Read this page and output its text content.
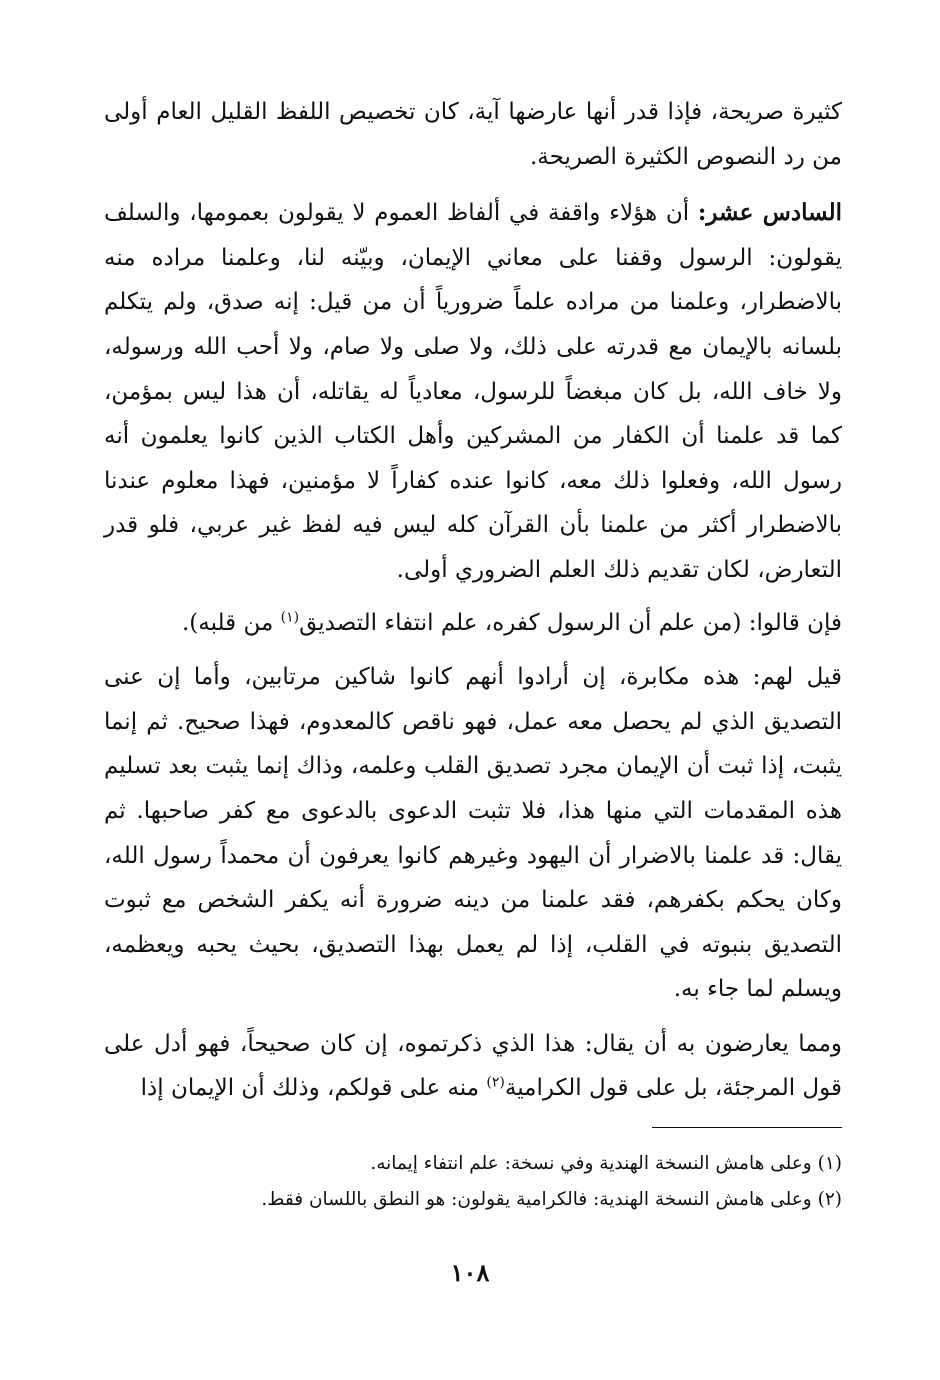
كثيرة صريحة، فإذا قدر أنها عارضها آية، كان تخصيص اللفظ القليل العام أولى من رد النصوص الكثيرة الصريحة.

السادس عشر: أن هؤلاء واقفة في ألفاظ العموم لا يقولون بعمومها، والسلف يقولون: الرسول وقفنا على معاني الإيمان، وبيّنه لنا، وعلمنا مراده منه بالاضطرار، وعلمنا من مراده علماً ضرورياً أن من قيل: إنه صدق، ولم يتكلم بلسانه بالإيمان مع قدرته على ذلك، ولا صلى ولا صام، ولا أحب الله ورسوله، ولا خاف الله، بل كان مبغضاً للرسول، معادياً له يقاتله، أن هذا ليس بمؤمن، كما قد علمنا أن الكفار من المشركين وأهل الكتاب الذين كانوا يعلمون أنه رسول الله، وفعلوا ذلك معه، كانوا عنده كفاراً لا مؤمنين، فهذا معلوم عندنا بالاضطرار أكثر من علمنا بأن القرآن كله ليس فيه لفظ غير عربي، فلو قدر التعارض، لكان تقديم ذلك العلم الضروري أولى.

فإن قالوا: (من علم أن الرسول كفره، علم انتفاء التصديق$^{(١)}$ من قلبه).

قيل لهم: هذه مكابرة، إن أرادوا أنهم كانوا شاكين مرتابين، وأما إن عنى التصديق الذي لم يحصل معه عمل، فهو ناقص كالمعدوم، فهذا صحيح. ثم إنما يثبت، إذا ثبت أن الإيمان مجرد تصديق القلب وعلمه، وذاك إنما يثبت بعد تسليم هذه المقدمات التي منها هذا، فلا تثبت الدعوى بالدعوى مع كفر صاحبها. ثم يقال: قد علمنا بالاضرار أن اليهود وغيرهم كانوا يعرفون أن محمداً رسول الله، وكان يحكم بكفرهم، فقد علمنا من دينه ضرورة أنه يكفر الشخص مع ثبوت التصديق بنبوته في القلب، إذا لم يعمل بهذا التصديق، بحيث يحبه ويعظمه، ويسلم لما جاء به.

ومما يعارضون به أن يقال: هذا الذي ذكرتموه، إن كان صحيحاً، فهو أدل على قول المرجئة، بل على قول الكرامية$^{(٢)}$ منه على قولكم، وذلك أن الإيمان إذا

(١) وعلى هامش النسخة الهندية وفي نسخة: علم انتفاء إيمانه.

(٢) وعلى هامش النسخة الهندية: فالكرامية يقولون: هو النطق باللسان فقط.

١٠٨
